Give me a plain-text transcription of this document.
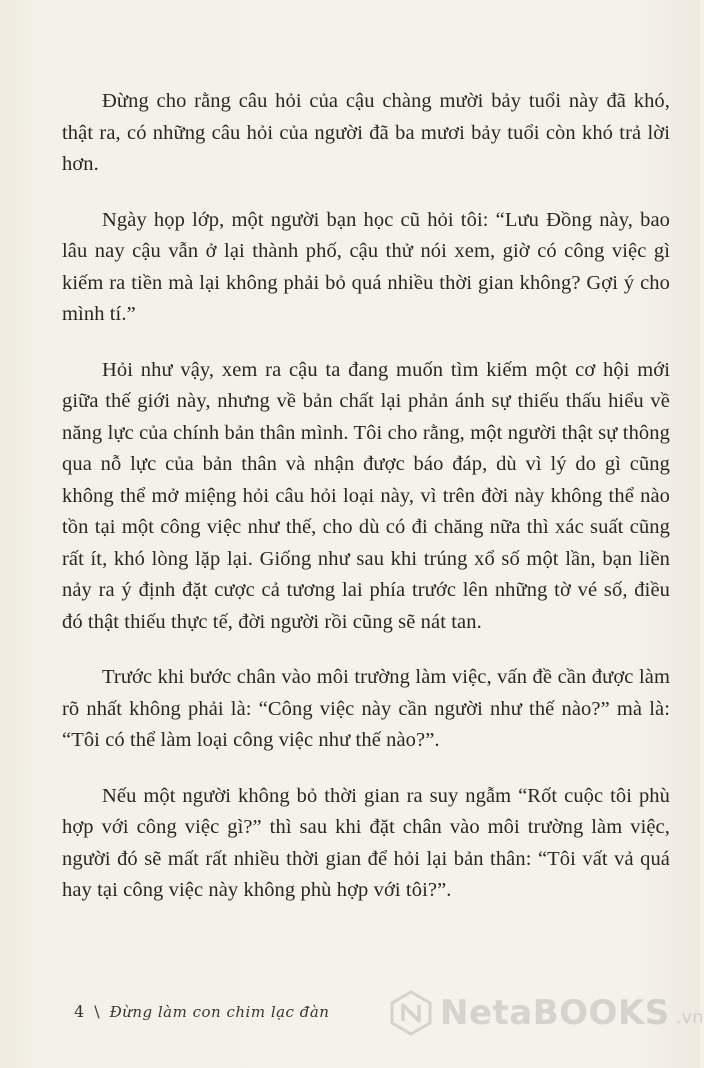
Đừng cho rằng câu hỏi của cậu chàng mười bảy tuổi này đã khó, thật ra, có những câu hỏi của người đã ba mươi bảy tuổi còn khó trả lời hơn.

Ngày họp lớp, một người bạn học cũ hỏi tôi: “Lưu Đồng này, bao lâu nay cậu vẫn ở lại thành phố, cậu thử nói xem, giờ có công việc gì kiếm ra tiền mà lại không phải bỏ quá nhiều thời gian không? Gợi ý cho mình tí.”

Hỏi như vậy, xem ra cậu ta đang muốn tìm kiếm một cơ hội mới giữa thế giới này, nhưng về bản chất lại phản ánh sự thiếu thấu hiểu về năng lực của chính bản thân mình. Tôi cho rằng, một người thật sự thông qua nỗ lực của bản thân và nhận được báo đáp, dù vì lý do gì cũng không thể mở miệng hỏi câu hỏi loại này, vì trên đời này không thể nào tồn tại một công việc như thế, cho dù có đi chăng nữa thì xác suất cũng rất ít, khó lòng lặp lại. Giống như sau khi trúng xổ số một lần, bạn liền nảy ra ý định đặt cược cả tương lai phía trước lên những tờ vé số, điều đó thật thiếu thực tế, đời người rồi cũng sẽ nát tan.

Trước khi bước chân vào môi trường làm việc, vấn đề cần được làm rõ nhất không phải là: “Công việc này cần người như thế nào?” mà là: “Tôi có thể làm loại công việc như thế nào?”.

Nếu một người không bỏ thời gian ra suy ngẫm “Rốt cuộc tôi phù hợp với công việc gì?” thì sau khi đặt chân vào môi trường làm việc, người đó sẽ mất rất nhiều thời gian để hỏi lại bản thân: “Tôi vất vả quá hay tại công việc này không phù hợp với tôi?”.

4 \ Đừng làm con chim lạc đàn	NetaBOOKS .vn
